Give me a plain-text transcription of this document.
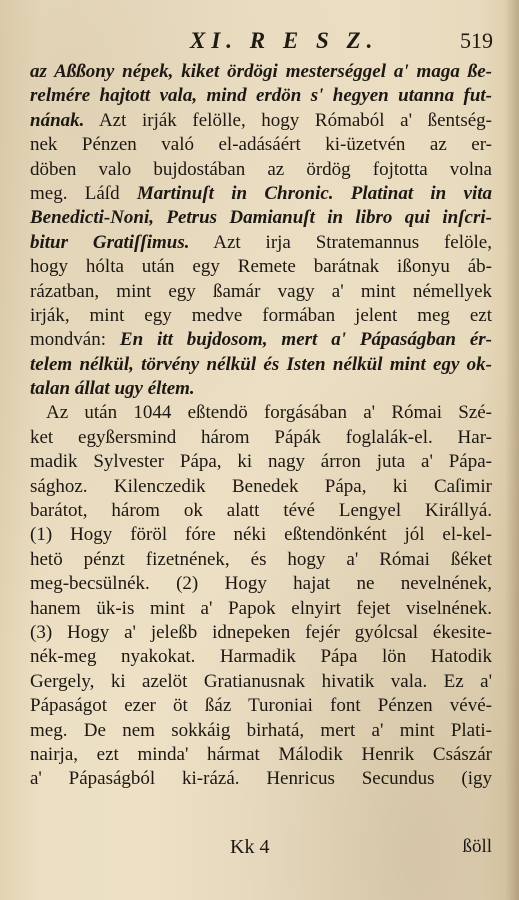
XI. R E S Z.	519
az Aßßony népek, kiket ördögi mesterséggel a' maga ße-
relmére hajtott vala, mind erdön s' hegyen utanna fut-
nának. Azt irják felölle, hogy Rómaból a' ßentség-
nek Pénzen való el-adásáért ki-üzetvén az er-
döben valo bujdostában az ördög fojtotta volna
meg. Láſd Martinuſt in Chronic. Platinat in vita
Benedicti-Noni, Petrus Damianuſt in libro qui inſcri-
bitur Gratiſſimus. Azt irja Stratemannus felöle,
hogy hólta után egy Remete barátnak ißonyu áb-
rázatban, mint egy ßamár vagy a' mint némellyek
irják, mint egy medve formában jelent meg ezt
mondván: En itt bujdosom, mert a' Pápaságban ér-
telem nélkül, törvény nélkül és Isten nélkül mint egy ok-
talan állat ugy éltem.
Az után 1044 eßtendö forgásában a' Római Szé-
ket egyßersmind három Pápák foglalák-el. Har-
madik Sylvester Pápa, ki nagy árron juta a' Pápa-
sághoz. Kilenczedik Benedek Pápa, ki Caſimir
barátot, három ok alatt tévé Lengyel Királlyá.
(1) Hogy föröl fóre néki eßtendönként jól el-kel-
hetö pénzt fizetnének, és hogy a' Római ßéket
meg-becsülnék. (2) Hogy hajat ne nevelnének,
hanem ük-is mint a' Papok elnyirt fejet viselnének.
(3) Hogy a' jeleßb idnepeken fejér gyólcsal ékesite-
nék-meg nyakokat. Harmadik Pápa lön Hatodik
Gergely, ki azelöt Gratianusnak hivatik vala. Ez a'
Pápaságot ezer öt ßáz Turoniai font Pénzen vévé-
meg. De nem sokkáig birhatá, mert a' mint Plati-
nairja, ezt minda' hármat Málodik Henrik Császár
a' Pápaságból ki-rázá. Henricus Secundus (igy
Kk 4	ßöll
